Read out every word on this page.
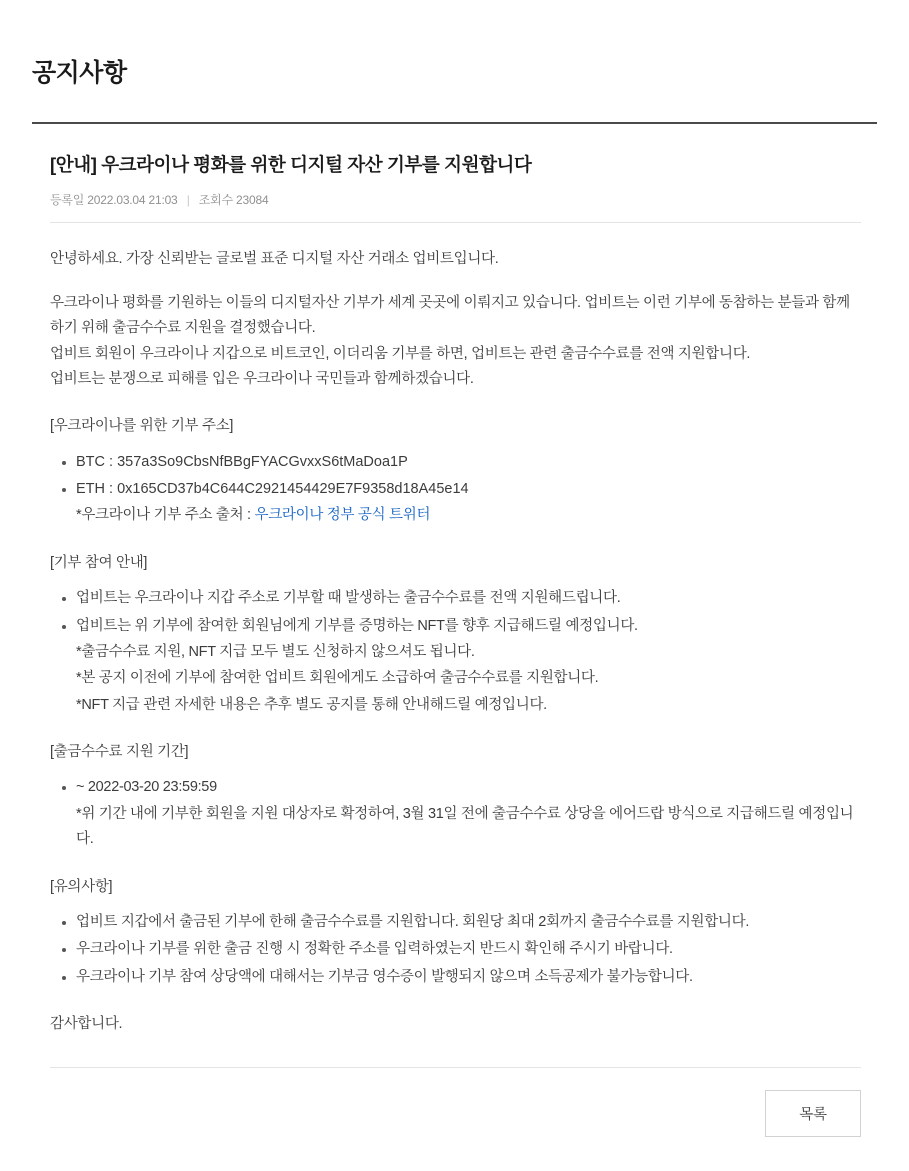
공지사항
[안내] 우크라이나 평화를 위한 디지털 자산 기부를 지원합니다
등록일 2022.03.04 21:03 | 조회수 23084

안녕하세요. 가장 신뢰받는 글로벌 표준 디지털 자산 거래소 업비트입니다.

우크라이나 평화를 기원하는 이들의 디지털자산 기부가 세계 곳곳에 이뤄지고 있습니다. 업비트는 이런 기부에 동참하는 분들과 함께하기 위해 출금수수료 지원을 결정했습니다.

업비트 회원이 우크라이나 지갑으로 비트코인, 이더리움 기부를 하면, 업비트는 관련 출금수수료를 전액 지원합니다.

업비트는 분쟁으로 피해를 입은 우크라이나 국민들과 함께하겠습니다.

[우크라이나를 위한 기부 주소]
BTC : 357a3So9CbsNfBBgFYACGvxxS6tMaDoa1P
ETH : 0x165CD37b4C644C2921454429E7F9358d18A45e14
*우크라이나 기부 주소 출처 : 우크라이나 정부 공식 트위터
[기부 참여 안내]
업비트는 우크라이나 지갑 주소로 기부할 때 발생하는 출금수수료를 전액 지원해드립니다.
업비트는 위 기부에 참여한 회원님에게 기부를 증명하는 NFT를 향후 지급해드릴 예정입니다.
*출금수수료 지원, NFT 지급 모두 별도 신청하지 않으셔도 됩니다.
*본 공지 이전에 기부에 참여한 업비트 회원에게도 소급하여 출금수수료를 지원합니다.
*NFT 지급 관련 자세한 내용은 추후 별도 공지를 통해 안내해드릴 예정입니다.
[출금수수료 지원 기간]
~ 2022-03-20 23:59:59
*위 기간 내에 기부한 회원을 지원 대상자로 확정하여, 3월 31일 전에 출금수수료 상당을 에어드랍 방식으로 지급해드릴 예정입니다.
[유의사항]
업비트 지갑에서 출금된 기부에 한해 출금수수료를 지원합니다. 회원당 최대 2회까지 출금수수료를 지원합니다.
우크라이나 기부를 위한 출금 진행 시 정확한 주소를 입력하였는지 반드시 확인해 주시기 바랍니다.
우크라이나 기부 참여 상당액에 대해서는 기부금 영수증이 발행되지 않으며 소득공제가 불가능합니다.

감사합니다.

목록
